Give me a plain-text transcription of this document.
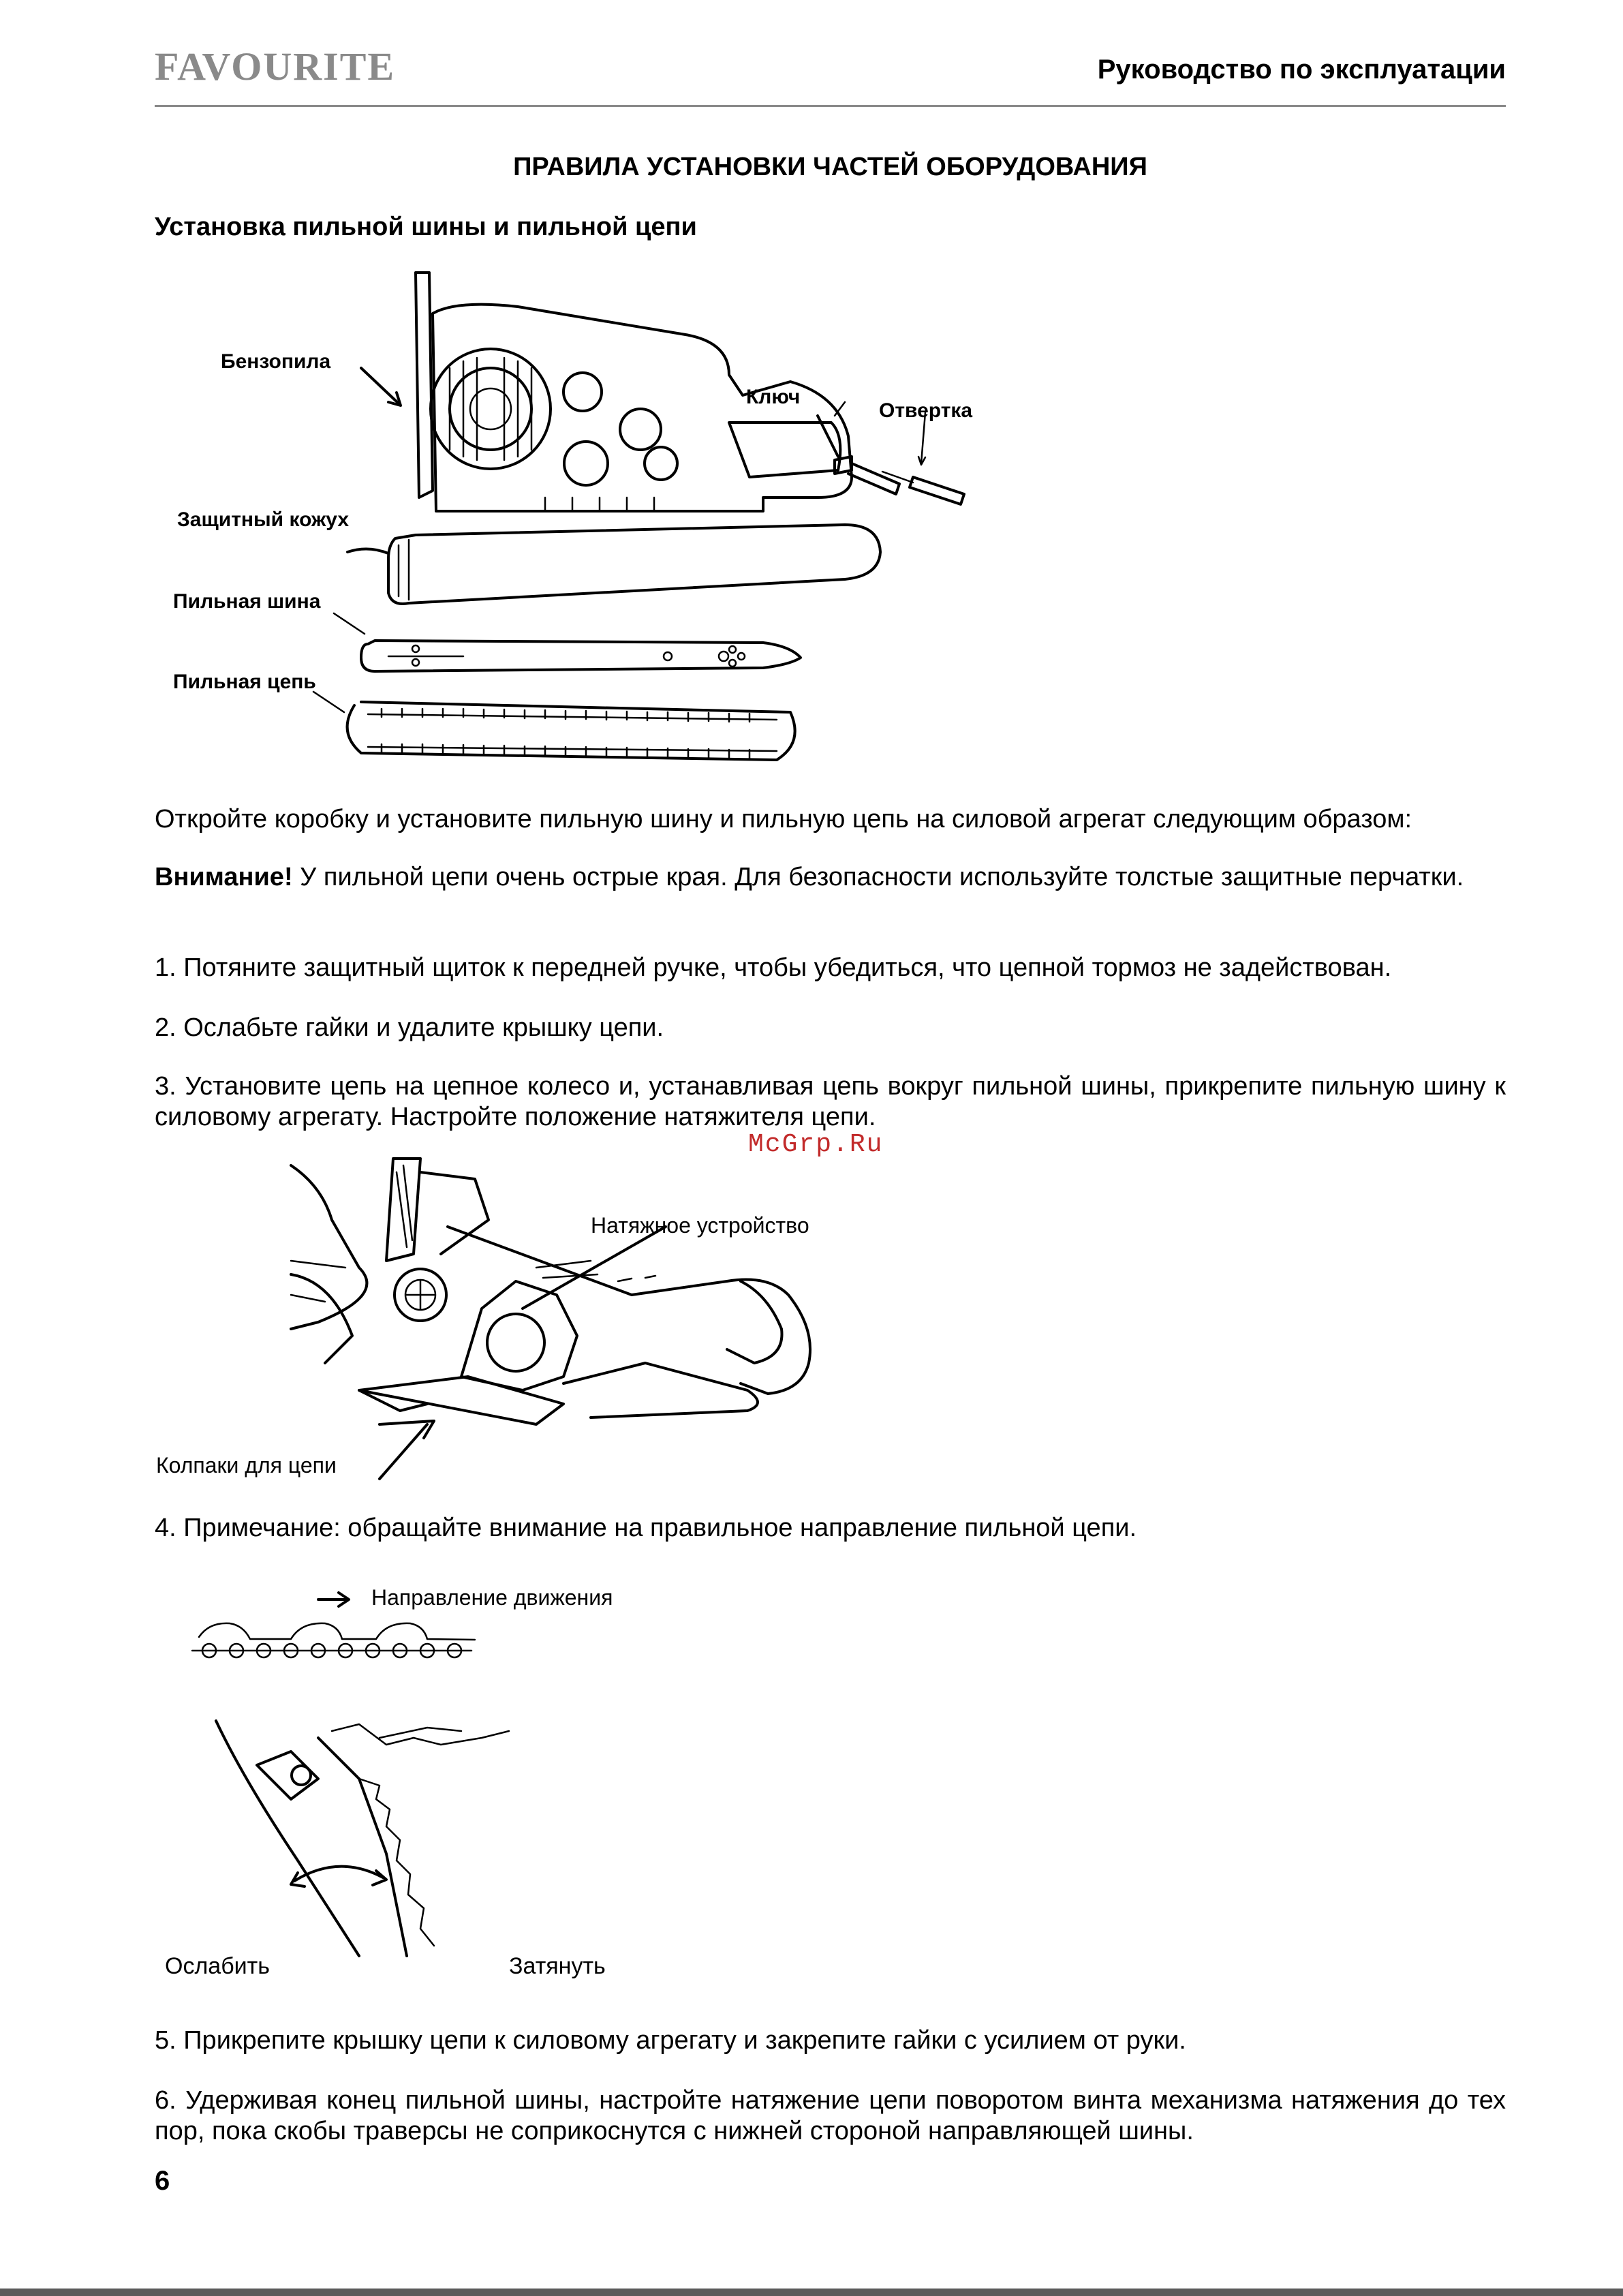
FAVOURITE	Руководство по эксплуатации
ПРАВИЛА УСТАНОВКИ ЧАСТЕЙ ОБОРУДОВАНИЯ
Установка пильной шины и пильной цепи
Бензопила
Ключ
Отвертка
Защитный кожух
Пильная шина
Пильная цепь
Откройте коробку и установите пильную шину и пильную цепь на силовой агрегат следующим образом:
Внимание! У пильной цепи очень острые края. Для безопасности используйте толстые защитные перчатки.
1. Потяните защитный щиток к передней ручке, чтобы убедиться, что цепной тормоз не задействован.
2. Ослабьте гайки и удалите крышку цепи.
3. Установите цепь на цепное колесо и, устанавливая цепь вокруг пильной шины, прикрепите пильную шину к силовому агрегату. Настройте положение натяжителя цепи.
McGrp.Ru
Натяжное устройство
Колпаки для цепи
4. Примечание: обращайте внимание на правильное направление пильной цепи.
Направление движения
Ослабить	Затянуть
5. Прикрепите крышку цепи к силовому агрегату и закрепите гайки с усилием от руки.
6. Удерживая конец пильной шины, настройте натяжение цепи поворотом винта механизма натяжения до тех пор, пока скобы траверсы не соприкоснутся с нижней стороной направляющей шины.
6
